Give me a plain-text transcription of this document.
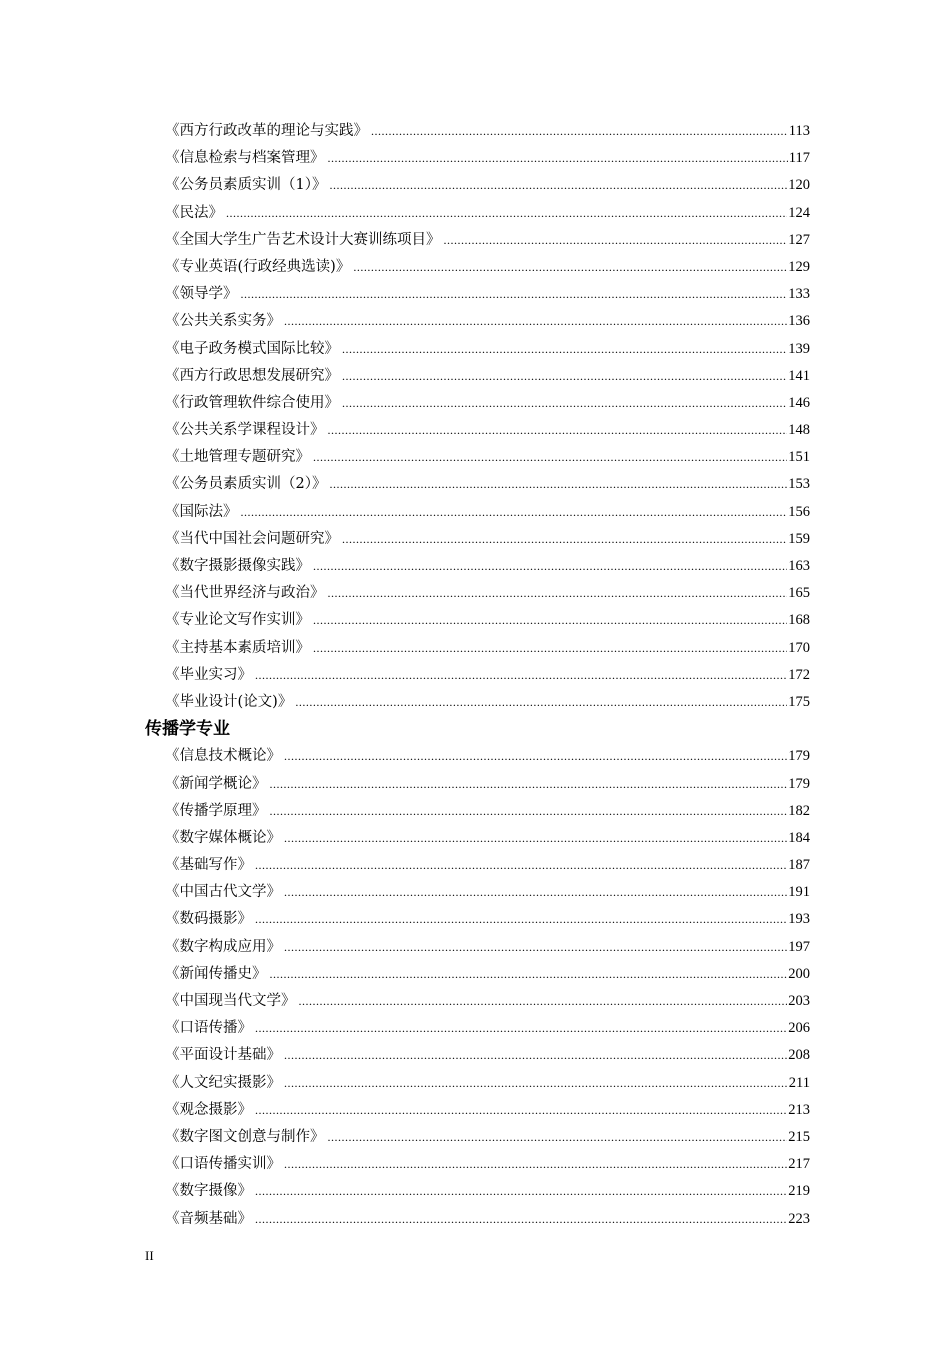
《西方行政改革的理论与实践》 .....	113
《信息检索与档案管理》 .....	117
《公务员素质实训（1）》 .....	120
《民法》 .....	124
《全国大学生广告艺术设计大赛训练项目》 .....	127
《专业英语(行政经典选读)》 .....	129
《领导学》 .....	133
《公共关系实务》 .....	136
《电子政务模式国际比较》 .....	139
《西方行政思想发展研究》 .....	141
《行政管理软件综合使用》 .....	146
《公共关系学课程设计》 .....	148
《土地管理专题研究》 .....	151
《公务员素质实训（2）》 .....	153
《国际法》 .....	156
《当代中国社会问题研究》 .....	159
《数字摄影摄像实践》 .....	163
《当代世界经济与政治》 .....	165
《专业论文写作实训》 .....	168
《主持基本素质培训》 .....	170
《毕业实习》 .....	172
《毕业设计(论文)》 .....	175
传播学专业
《信息技术概论》 .....	179
《新闻学概论》 .....	179
《传播学原理》 .....	182
《数字媒体概论》 .....	184
《基础写作》 .....	187
《中国古代文学》 .....	191
《数码摄影》 .....	193
《数字构成应用》 .....	197
《新闻传播史》 .....	200
《中国现当代文学》 .....	203
《口语传播》 .....	206
《平面设计基础》 .....	208
《人文纪实摄影》 .....	211
《观念摄影》 .....	213
《数字图文创意与制作》 .....	215
《口语传播实训》 .....	217
《数字摄像》 .....	219
《音频基础》 .....	223
II
